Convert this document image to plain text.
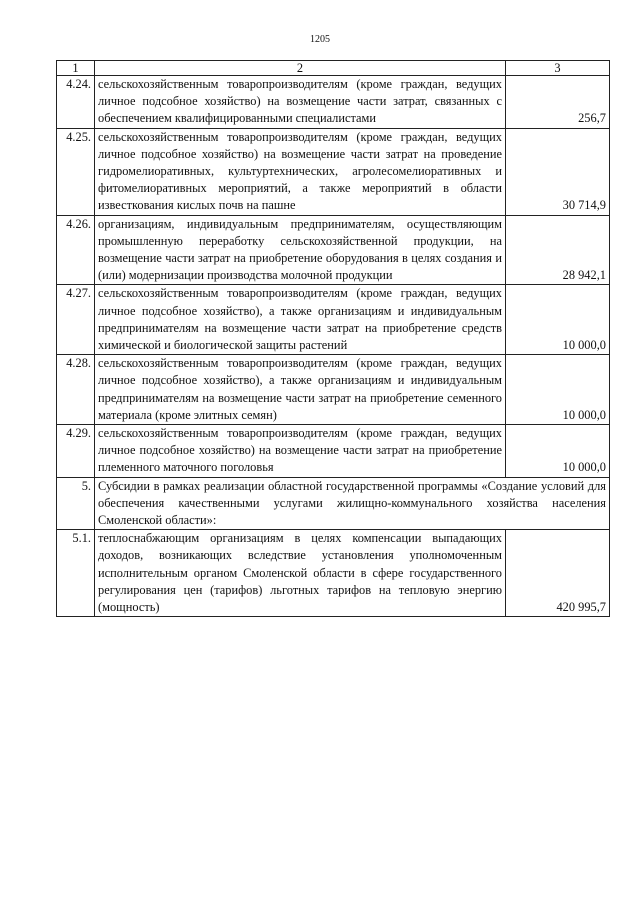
1205
1	2	3
4.24.	сельскохозяйственным товаропроизводителям (кроме граждан, ведущих личное подсобное хозяйство) на возмещение части затрат, связанных с обеспечением квалифицированными специалистами	256,7
4.25.	сельскохозяйственным товаропроизводителям (кроме граждан, ведущих личное подсобное хозяйство) на возмещение части затрат на проведение гидромелиоративных, культуртехнических, агролесомелиоративных и фитомелиоративных мероприятий, а также мероприятий в области известкования кислых почв на пашне	30 714,9
4.26.	организациям, индивидуальным предпринимателям, осуществляющим промышленную переработку сельскохозяйственной продукции, на возмещение части затрат на приобретение оборудования в целях создания и (или) модернизации производства молочной продукции	28 942,1
4.27.	сельскохозяйственным товаропроизводителям (кроме граждан, ведущих личное подсобное хозяйство), а также организациям и индивидуальным предпринимателям на возмещение части затрат на приобретение средств химической и биологической защиты растений	10 000,0
4.28.	сельскохозяйственным товаропроизводителям (кроме граждан, ведущих личное подсобное хозяйство), а также организациям и индивидуальным предпринимателям на возмещение части затрат на приобретение семенного материала (кроме элитных семян)	10 000,0
4.29.	сельскохозяйственным товаропроизводителям (кроме граждан, ведущих личное подсобное хозяйство) на возмещение части затрат на приобретение племенного маточного поголовья	10 000,0
5.	Субсидии в рамках реализации областной государственной программы «Создание условий для обеспечения качественными услугами жилищно-коммунального хозяйства населения Смоленской области»:	
5.1.	теплоснабжающим организациям в целях компенсации выпадающих доходов, возникающих вследствие установления уполномоченным исполнительным органом Смоленской области в сфере государственного регулирования цен (тарифов) льготных тарифов на тепловую энергию (мощность)	420 995,7
